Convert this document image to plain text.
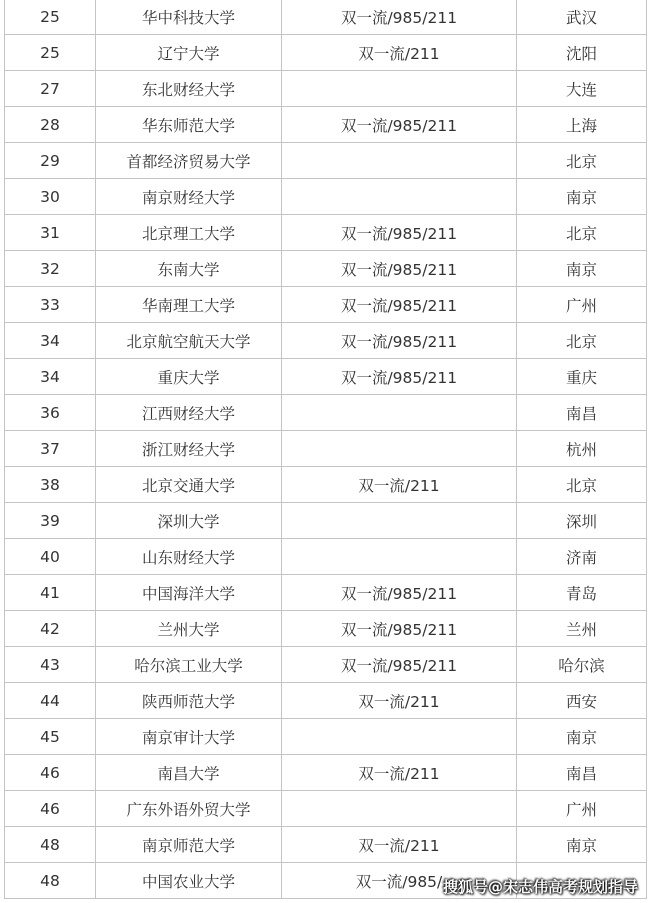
25	华中科技大学	双一流/985/211	武汉
25	辽宁大学	双一流/211	沈阳
27	东北财经大学		大连
28	华东师范大学	双一流/985/211	上海
29	首都经济贸易大学		北京
30	南京财经大学		南京
31	北京理工大学	双一流/985/211	北京
32	东南大学	双一流/985/211	南京
33	华南理工大学	双一流/985/211	广州
34	北京航空航天大学	双一流/985/211	北京
34	重庆大学	双一流/985/211	重庆
36	江西财经大学		南昌
37	浙江财经大学		杭州
38	北京交通大学	双一流/211	北京
39	深圳大学		深圳
40	山东财经大学		济南
41	中国海洋大学	双一流/985/211	青岛
42	兰州大学	双一流/985/211	兰州
43	哈尔滨工业大学	双一流/985/211	哈尔滨
44	陕西师范大学	双一流/211	西安
45	南京审计大学		南京
46	南昌大学	双一流/211	南昌
46	广东外语外贸大学		广州
48	南京师范大学	双一流/211	南京
48	中国农业大学	双一流/985/	搜狐号@宋志伟高考规划指导
